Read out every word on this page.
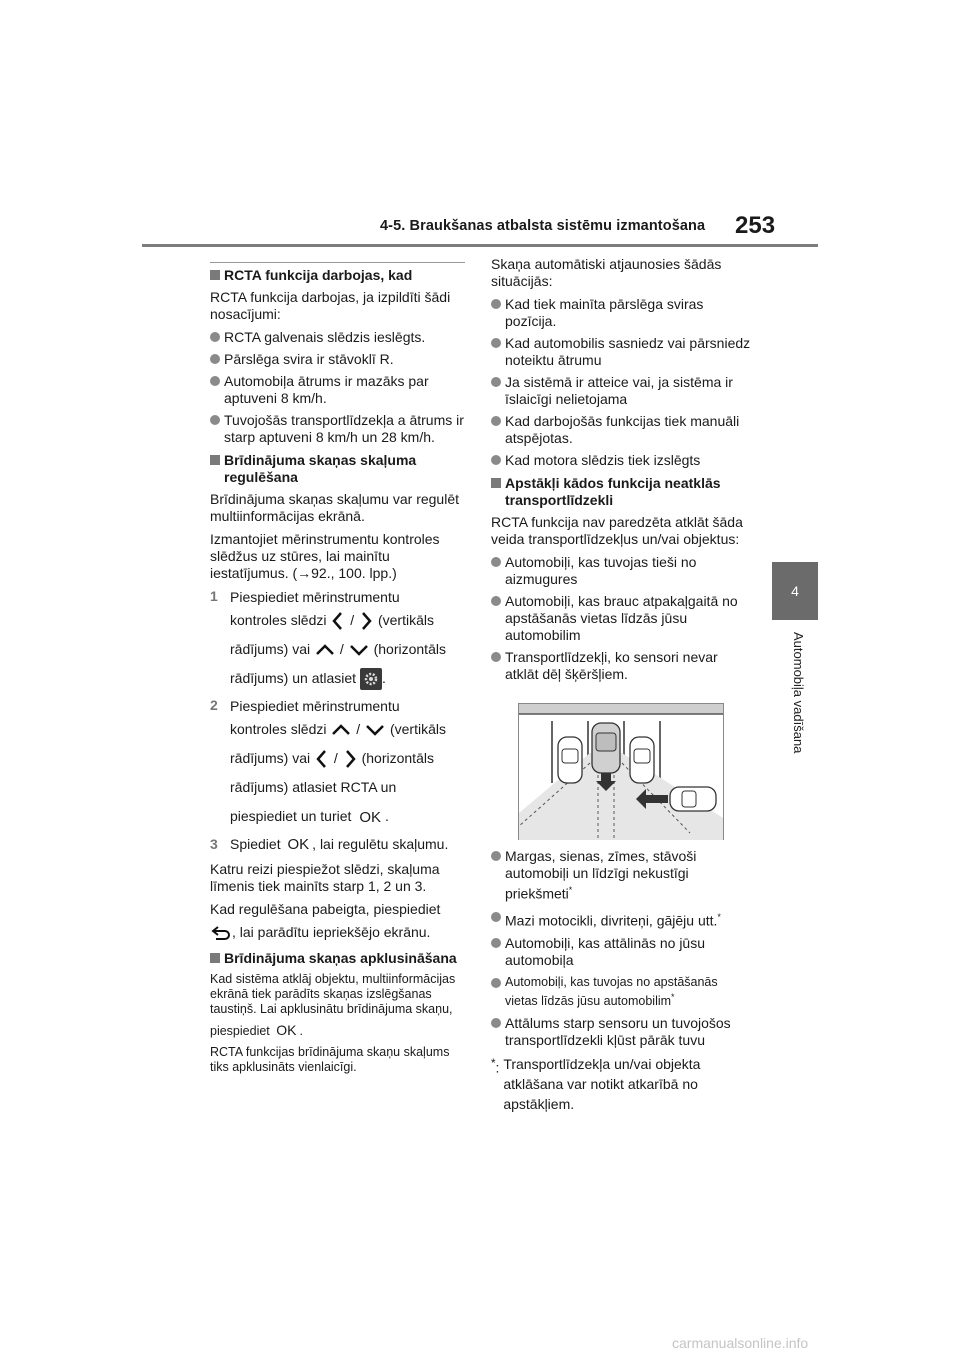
4-5. Braukšanas atbalsta sistēmu izmantošana 253
4
Automobiļa vadīšana
RCTA funkcija darbojas, kad

RCTA funkcija darbojas, ja izpildīti šādi nosacījumi:

RCTA galvenais slēdzis ieslēgts.
Pārslēga svira ir stāvoklī R.
Automobiļa ātrums ir mazāks par aptuveni 8 km/h.
Tuvojošās transportlīdzekļa a ātrums ir starp aptuveni 8 km/h un 28 km/h.
Brīdinājuma skaņas skaļuma regulēšana

Brīdinājuma skaņas skaļumu var regulēt multiinformācijas ekrānā.

Izmantojiet mērinstrumentu kontroles slēdžus uz stūres, lai mainītu iestatījumus. (→92., 100. lpp.)

1 Piespiediet mērinstrumentu
kontroles slēdzi / (vertikāls
rādījums) vai / (horizontāls
rādījums) un atlasiet .
2 Piespiediet mērinstrumentu
kontroles slēdzi / (vertikāls
rādījums) vai / (horizontāls
rādījums) atlasiet RCTA un
piespiediet un turiet OK .
3 Spiediet OK , lai regulētu skaļumu.

Katru reizi piespiežot slēdzi, skaļuma līmenis tiek mainīts starp 1, 2 un 3.

Kad regulēšana pabeigta, piespiediet

, lai parādītu iepriekšējo ekrānu.

Brīdinājuma skaņas apklusināšana

Kad sistēma atklāj objektu, multiinformācijas ekrānā tiek parādīts skaņas izslēgšanas taustiņš. Lai apklusinātu brīdinājuma skaņu,

piespiediet OK .

RCTA funkcijas brīdinājuma skaņu skaļums tiks apklusināts vienlaicīgi.

Skaņa automātiski atjaunosies šādās situācijās:

Kad tiek mainīta pārslēga sviras pozīcija.
Kad automobilis sasniedz vai pārsniedz noteiktu ātrumu
Ja sistēmā ir atteice vai, ja sistēma ir īslaicīgi nelietojama
Kad darbojošās funkcijas tiek manuāli atspējotas.
Kad motora slēdzis tiek izslēgts
Apstākļi kādos funkcija neatklās transportlīdzekli

RCTA funkcija nav paredzēta atklāt šāda veida transportlīdzekļus un/vai objektus:

Automobiļi, kas tuvojas tieši no aizmugures
Automobiļi, kas brauc atpakaļgaitā no apstāšanās vietas līdzās jūsu automobilim
Transportlīdzekļi, ko sensori nevar atklāt dēļ šķēršļiem.
Margas, sienas, zīmes, stāvoši automobiļi un līdzīgi nekustīgi priekšmeti*
Mazi motocikli, divriteņi, gājēju utt.*
Automobiļi, kas attālinās no jūsu automobiļa
Automobiļi, kas tuvojas no apstāšanās vietas līdzās jūsu automobilim*
Attālums starp sensoru un tuvojošos transportlīdzekli kļūst pārāk tuvu
*: Transportlīdzekļa un/vai objekta atklāšana var notikt atkarībā no apstākļiem.
carmanualsonline.info
